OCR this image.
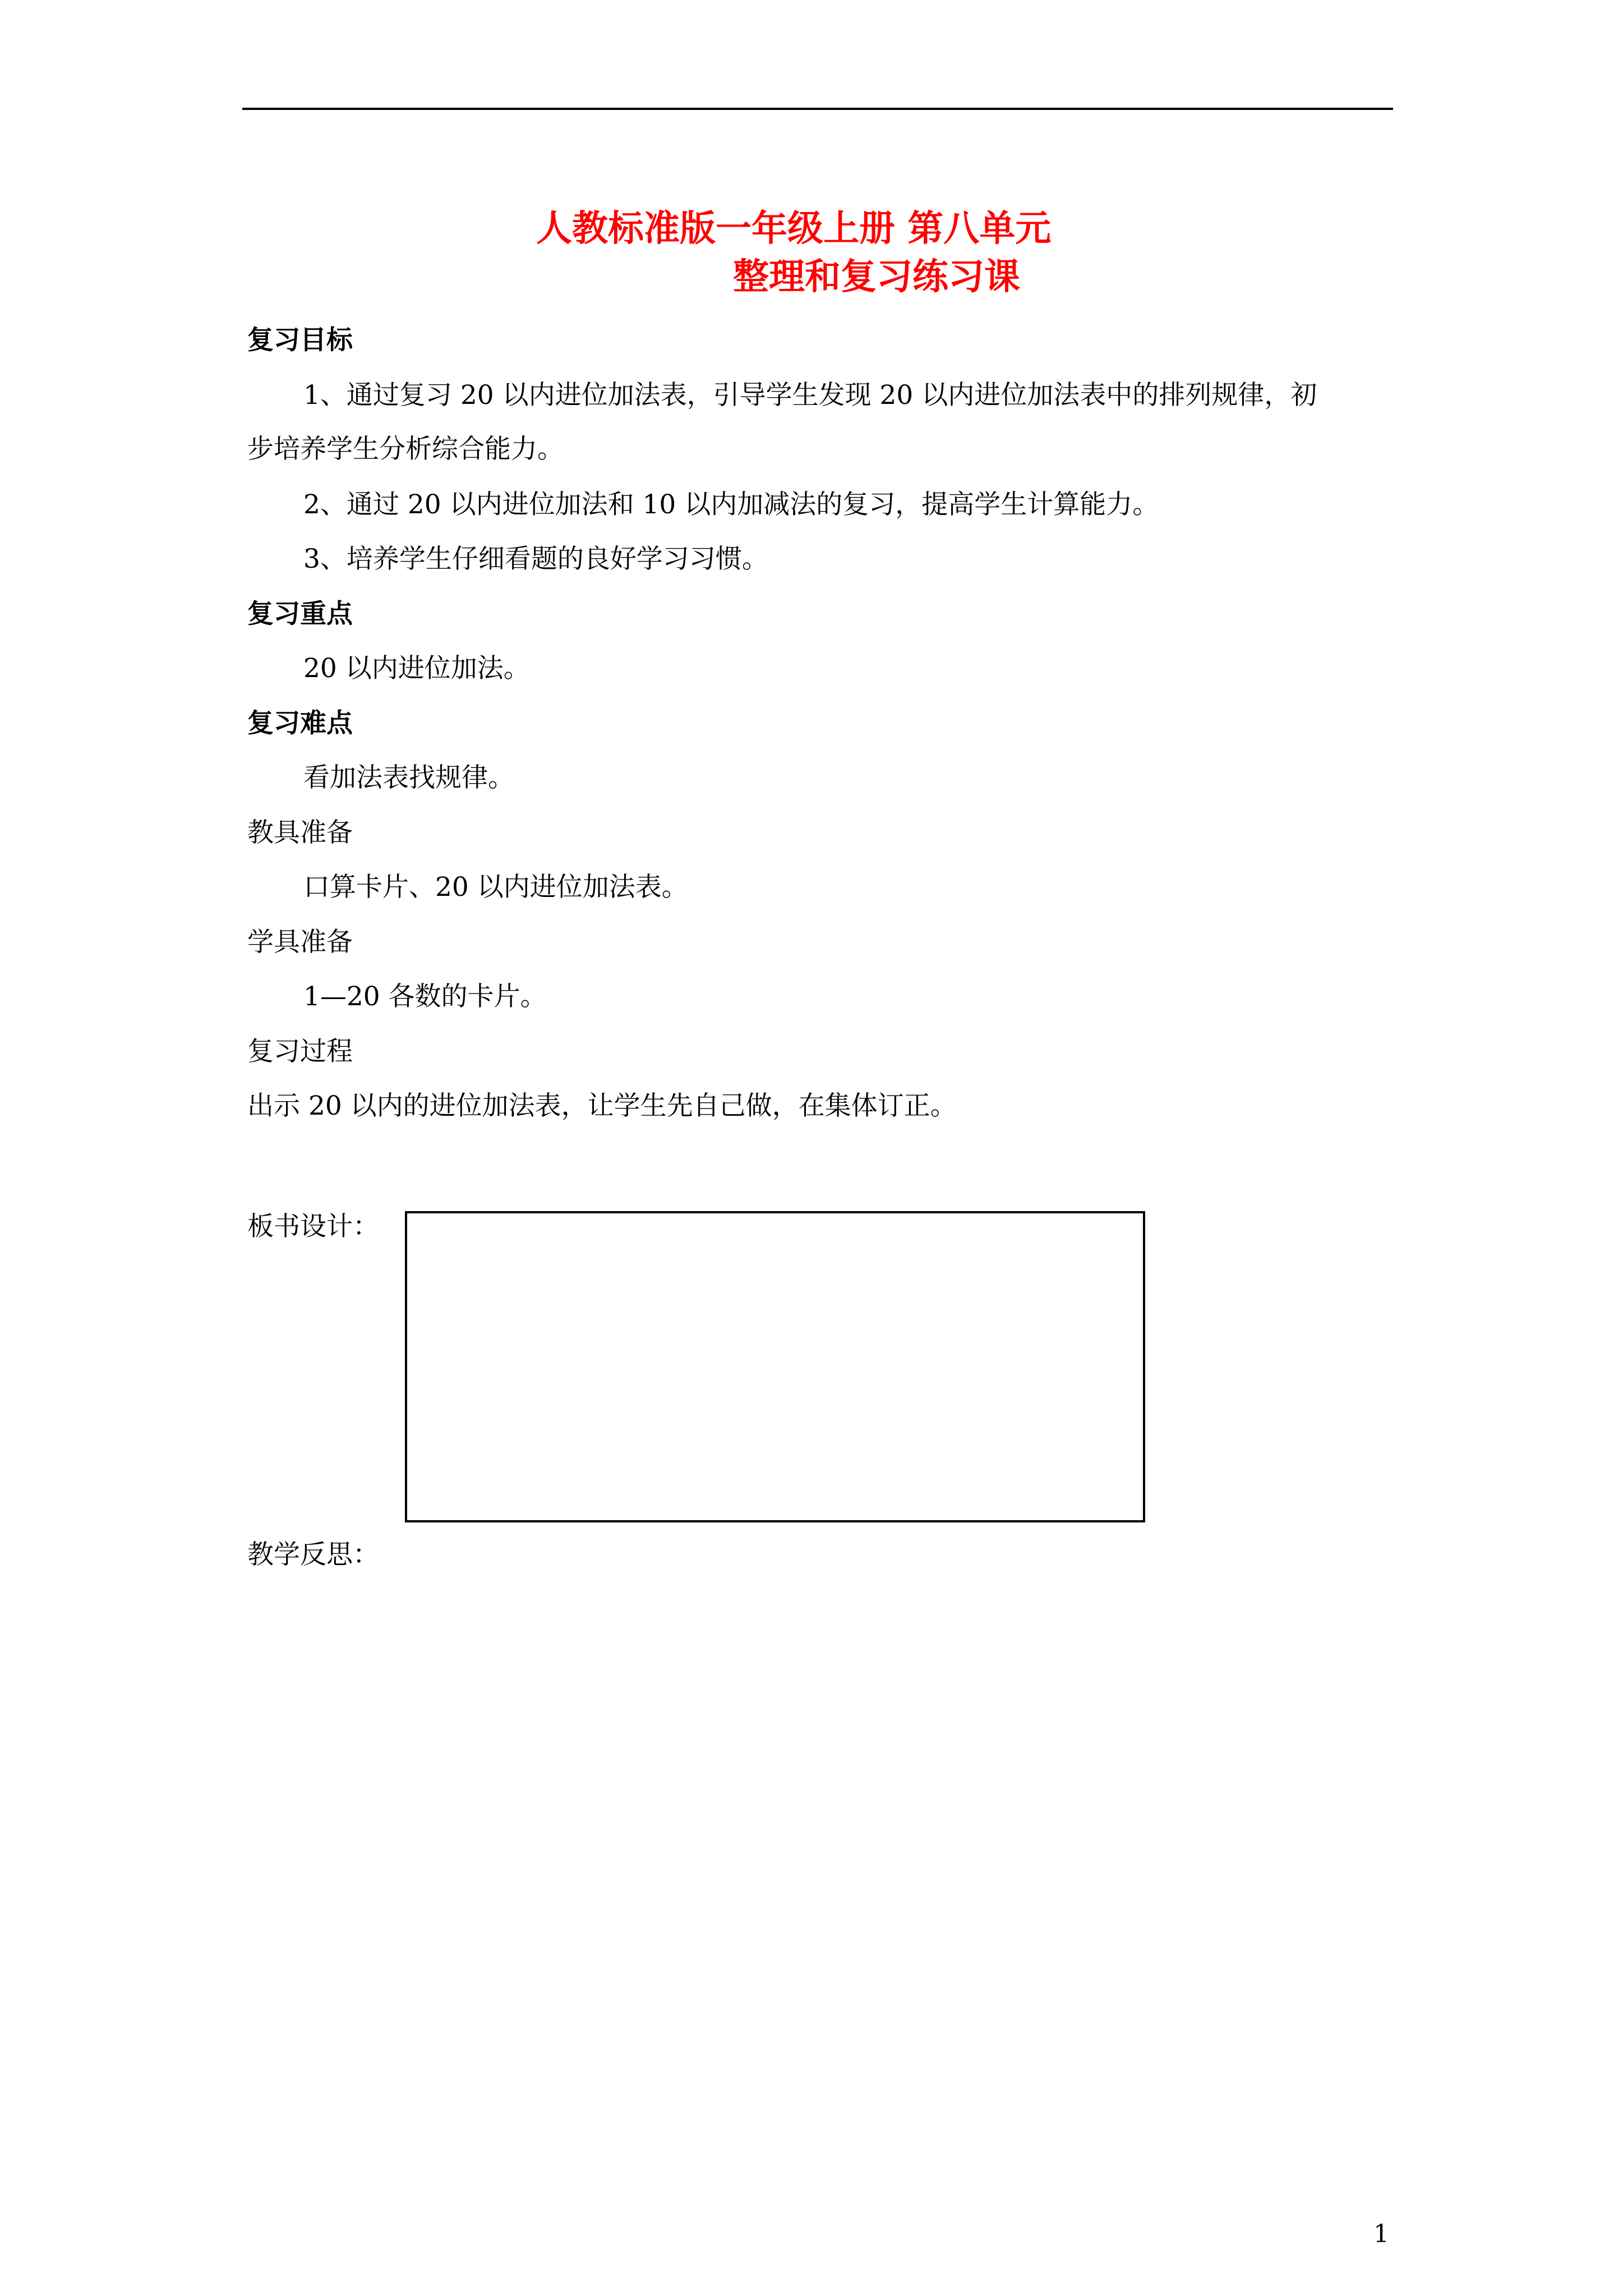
人教标准版一年级上册 第八单元
整理和复习练习课
复习目标
1、通过复习 20 以内进位加法表，引导学生发现 20 以内进位加法表中的排列规律，初
步培养学生分析综合能力。
2、通过 20 以内进位加法和 10 以内加减法的复习，提高学生计算能力。
3、培养学生仔细看题的良好学习习惯。
复习重点
20 以内进位加法。
复习难点
看加法表找规律。
教具准备
口算卡片、20 以内进位加法表。
学具准备
1—20 各数的卡片。
复习过程
出示 20 以内的进位加法表，让学生先自己做，在集体订正。
板书设计：
教学反思：
1
